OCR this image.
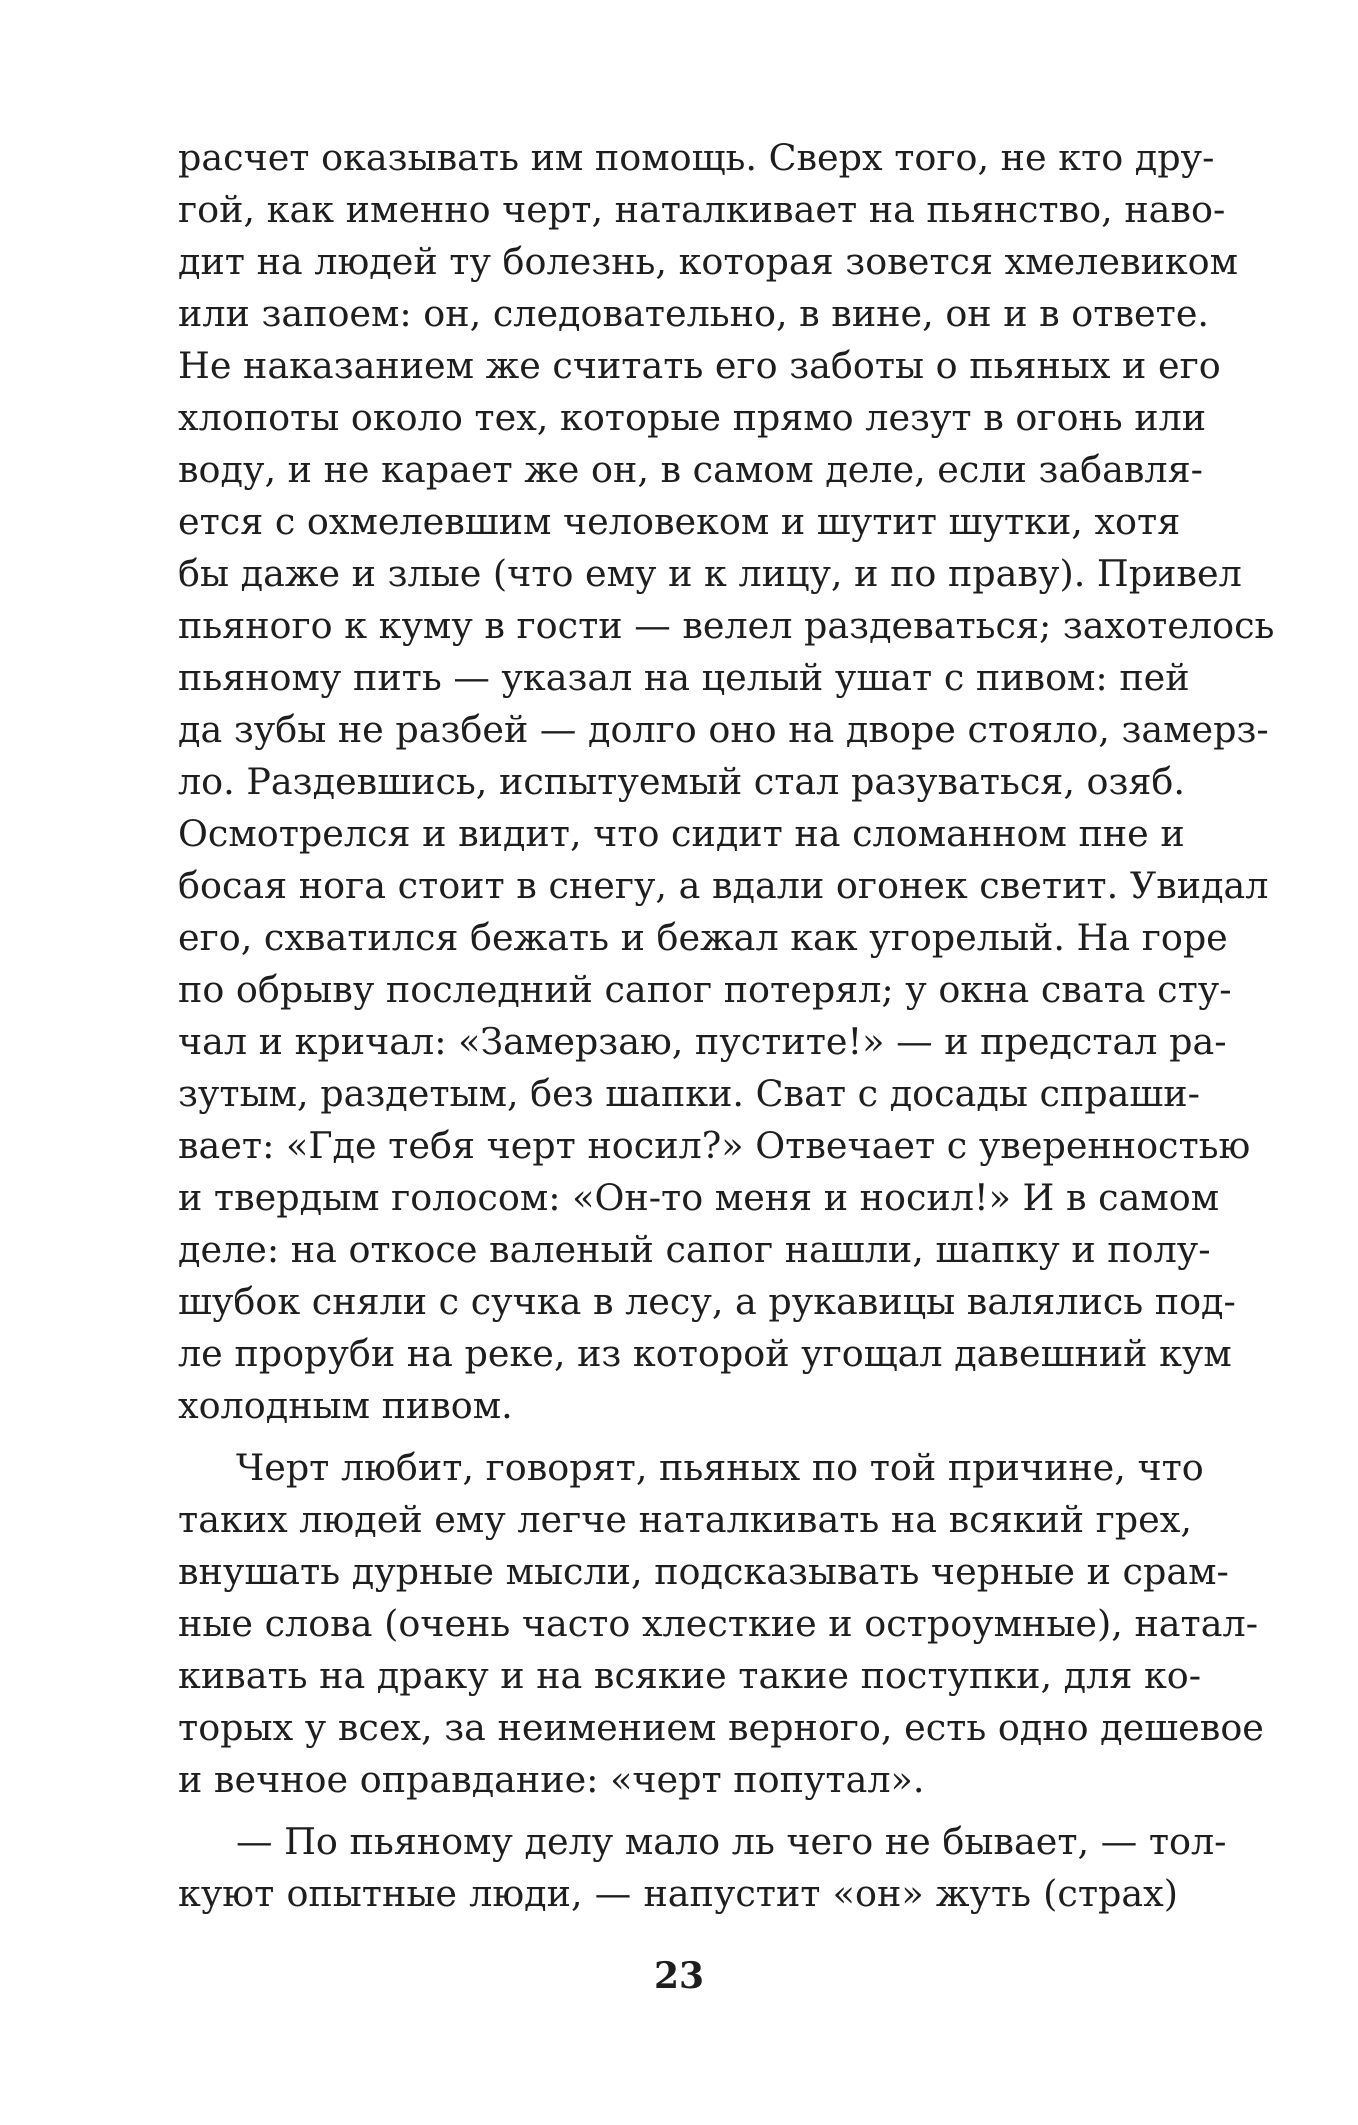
расчет оказывать им помощь. Сверх того, не кто дру-
гой, как именно черт, наталкивает на пьянство, наво-
дит на людей ту болезнь, которая зовется хмелевиком
или запоем: он, следовательно, в вине, он и в ответе.
Не наказанием же считать его заботы о пьяных и его
хлопоты около тех, которые прямо лезут в огонь или
воду, и не карает же он, в самом деле, если забавля-
ется с охмелевшим человеком и шутит шутки, хотя
бы даже и злые (что ему и к лицу, и по праву). Привел
пьяного к куму в гости — велел раздеваться; захотелось
пьяному пить — указал на целый ушат с пивом: пей
да зубы не разбей — долго оно на дворе стояло, замерз-
ло. Раздевшись, испытуемый стал разуваться, озяб.
Осмотрелся и видит, что сидит на сломанном пне и
босая нога стоит в снегу, а вдали огонек светит. Увидал
его, схватился бежать и бежал как угорелый. На горе
по обрыву последний сапог потерял; у окна свата сту-
чал и кричал: «Замерзаю, пустите!» — и предстал ра-
зутым, раздетым, без шапки. Сват с досады спраши-
вает: «Где тебя черт носил?» Отвечает с уверенностью
и твердым голосом: «Он-то меня и носил!» И в самом
деле: на откосе валеный сапог нашли, шапку и полу-
шубок сняли с сучка в лесу, а рукавицы валялись под-
ле проруби на реке, из которой угощал давешний кум
холодным пивом.
Черт любит, говорят, пьяных по той причине, что
таких людей ему легче наталкивать на всякий грех,
внушать дурные мысли, подсказывать черные и срам-
ные слова (очень часто хлесткие и остроумные), натал-
кивать на драку и на всякие такие поступки, для ко-
торых у всех, за неимением верного, есть одно дешевое
и вечное оправдание: «черт попутал».
— По пьяному делу мало ль чего не бывает, — тол-
куют опытные люди, — напустит «он» жуть (страх)
23
